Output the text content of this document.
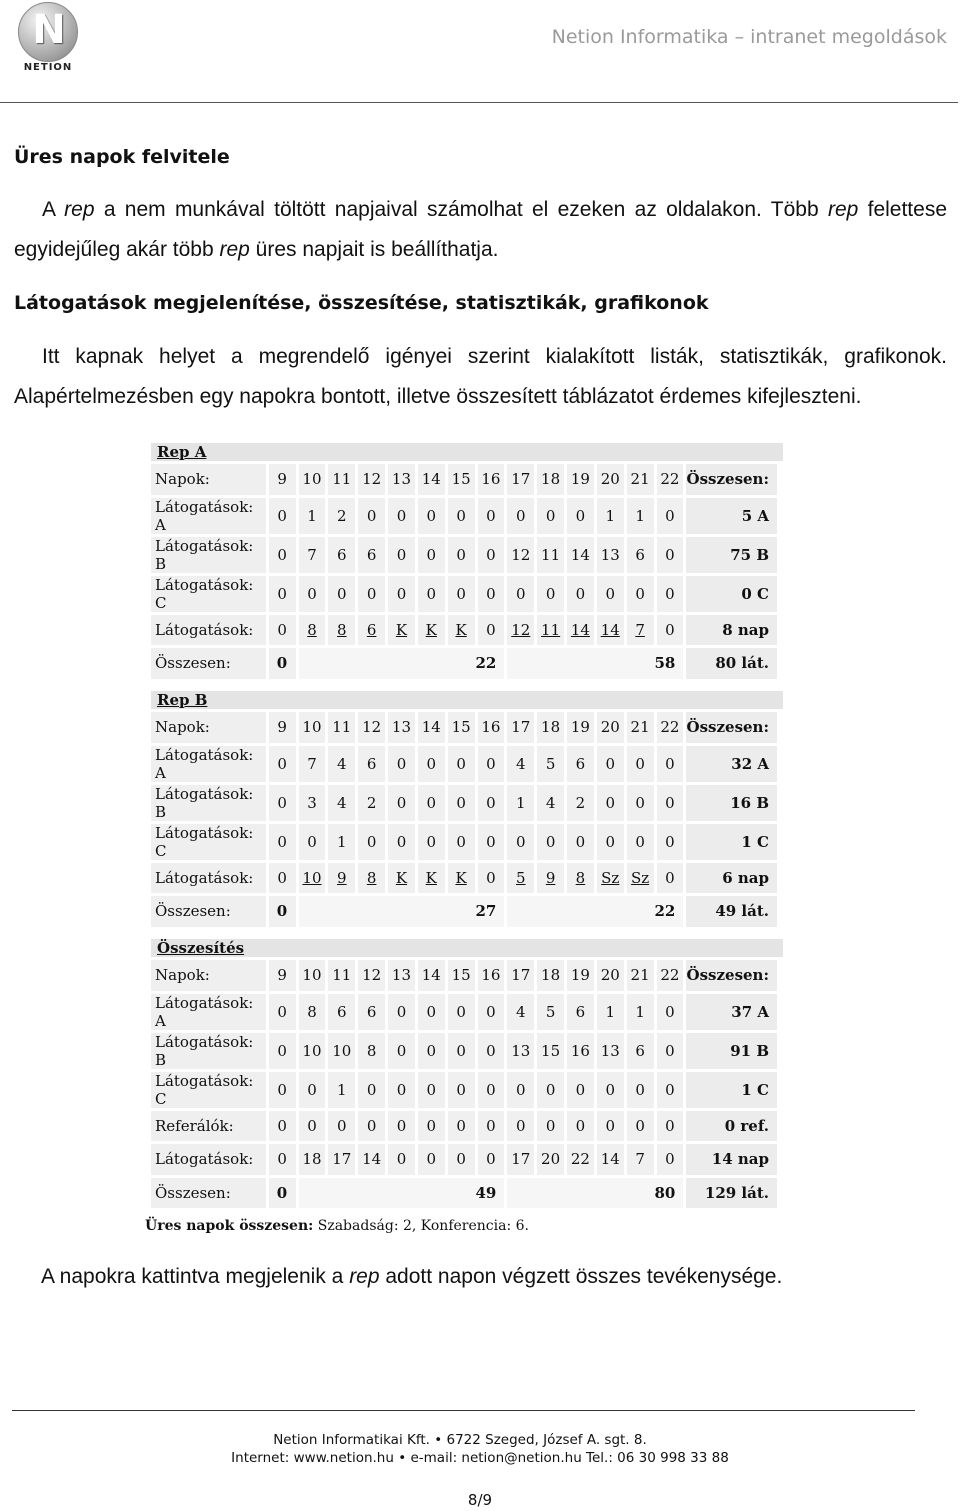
N
NETION
Netion Informatika – intranet megoldások
Üres napok felvitele
A rep a nem munkával töltött napjaival számolhat el ezeken az oldalakon. Több rep felettese egyidejűleg akár több rep üres napjait is beállíthatja.
Látogatások megjelenítése, összesítése, statisztikák, grafikonok
Itt kapnak helyet a megrendelő igényei szerint kialakított listák, statisztikák, grafikonok. Alapértelmezésben egy napokra bontott, illetve összesített táblázatot érdemes kifejleszteni.
Rep A
Napok:	9	10	11	12	13	14	15	16	17	18	19	20	21	22	Összesen:
Látogatások: A	0	1	2	0	0	0	0	0	0	0	0	1	1	0	5 A
Látogatások: B	0	7	6	6	0	0	0	0	12	11	14	13	6	0	75 B
Látogatások: C	0	0	0	0	0	0	0	0	0	0	0	0	0	0	0 C
Látogatások:	0	8	8	6	K	K	K	0	12	11	14	14	7	0	8 nap
Összesen:	0	22							58						80 lát.
Rep B
Napok:	9	10	11	12	13	14	15	16	17	18	19	20	21	22	Összesen:
Látogatások: A	0	7	4	6	0	0	0	0	4	5	6	0	0	0	32 A
Látogatások: B	0	3	4	2	0	0	0	0	1	4	2	0	0	0	16 B
Látogatások: C	0	0	1	0	0	0	0	0	0	0	0	0	0	0	1 C
Látogatások:	0	10	9	8	K	K	K	0	5	9	8	Sz	Sz	0	6 nap
Összesen:	0	27							22						49 lát.
Összesítés
Napok:	9	10	11	12	13	14	15	16	17	18	19	20	21	22	Összesen:
Látogatások: A	0	8	6	6	0	0	0	0	4	5	6	1	1	0	37 A
Látogatások: B	0	10	10	8	0	0	0	0	13	15	16	13	6	0	91 B
Látogatások: C	0	0	1	0	0	0	0	0	0	0	0	0	0	0	1 C
Referálók:	0	0	0	0	0	0	0	0	0	0	0	0	0	0	0 ref.
Látogatások:	0	18	17	14	0	0	0	0	17	20	22	14	7	0	14 nap
Összesen:	0	49							80						129 lát.
Üres napok összesen: Szabadság: 2, Konferencia: 6.
A napokra kattintva megjelenik a rep adott napon végzett összes tevékenysége.
Netion Informatikai Kft. • 6722 Szeged, József A. sgt. 8.
Internet: www.netion.hu • e-mail: netion@netion.hu Tel.: 06 30 998 33 88
8/9
